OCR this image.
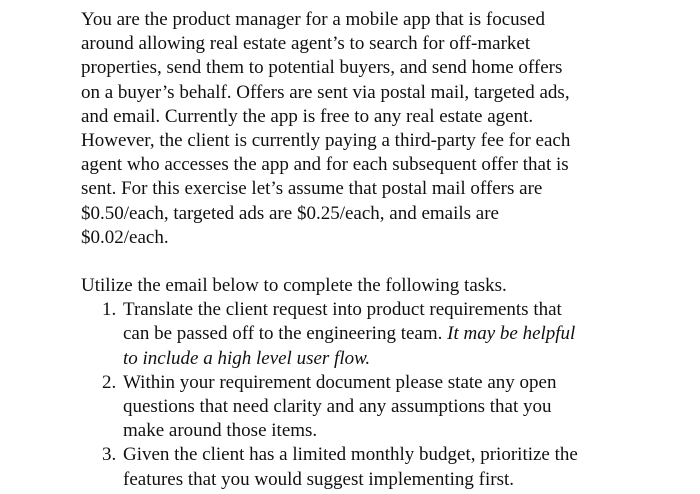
You are the product manager for a mobile app that is focused
around allowing real estate agent’s to search for off-market
properties, send them to potential buyers, and send home offers
on a buyer’s behalf. Offers are sent via postal mail, targeted ads,
and email. Currently the app is free to any real estate agent.
However, the client is currently paying a third-party fee for each
agent who accesses the app and for each subsequent offer that is
sent. For this exercise let’s assume that postal mail offers are
$0.50/each, targeted ads are $0.25/each, and emails are
$0.02/each.

Utilize the email below to complete the following tasks.

1. Translate the client request into product requirements that
can be passed off to the engineering team. It may be helpful
to include a high level user flow.
2. Within your requirement document please state any open
questions that need clarity and any assumptions that you
make around those items.
3. Given the client has a limited monthly budget, prioritize the
features that you would suggest implementing first.
